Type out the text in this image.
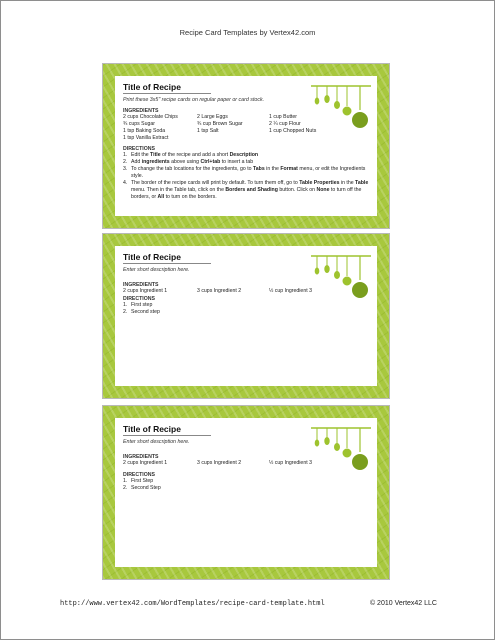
Recipe Card Templates by Vertex42.com
Title of Recipe
Print these 3x5" recipe cards on regular paper or card stock.
INGREDIENTS
2 cups Chocolate Chips	2 Large Eggs	1 cup Butter
¾ cups Sugar	¾ cup Brown Sugar	2 ¼ cup Flour
1 tsp Baking Soda	1 tsp Salt	1 cup Chopped Nuts
1 tsp Vanilla Extract
DIRECTIONS
1. Edit the Title of the recipe and add a short Description
2. Add ingredients above using Ctrl+tab to insert a tab
3. To change the tab locations for the ingredients, go to Tabs in the Format menu, or edit the Ingredients style.
4. The border of the recipe cards will print by default. To turn them off, go to Table Properties in the Table menu. Then in the Table tab, click on the Borders and Shading button. Click on None to turn off the borders, or All to turn on the borders.
Title of Recipe
Enter short description here.
INGREDIENTS
2 cups Ingredient 1	3 cups Ingredient 2	½ cup Ingredient 3
DIRECTIONS
1. First step
2. Second step
Title of Recipe
Enter short description here.
INGREDIENTS
2 cups Ingredient 1	3 cups Ingredient 2	½ cup Ingredient 3
DIRECTIONS
1. First Step
2. Second Step
http://www.vertex42.com/WordTemplates/recipe-card-template.html	© 2010 Vertex42 LLC
